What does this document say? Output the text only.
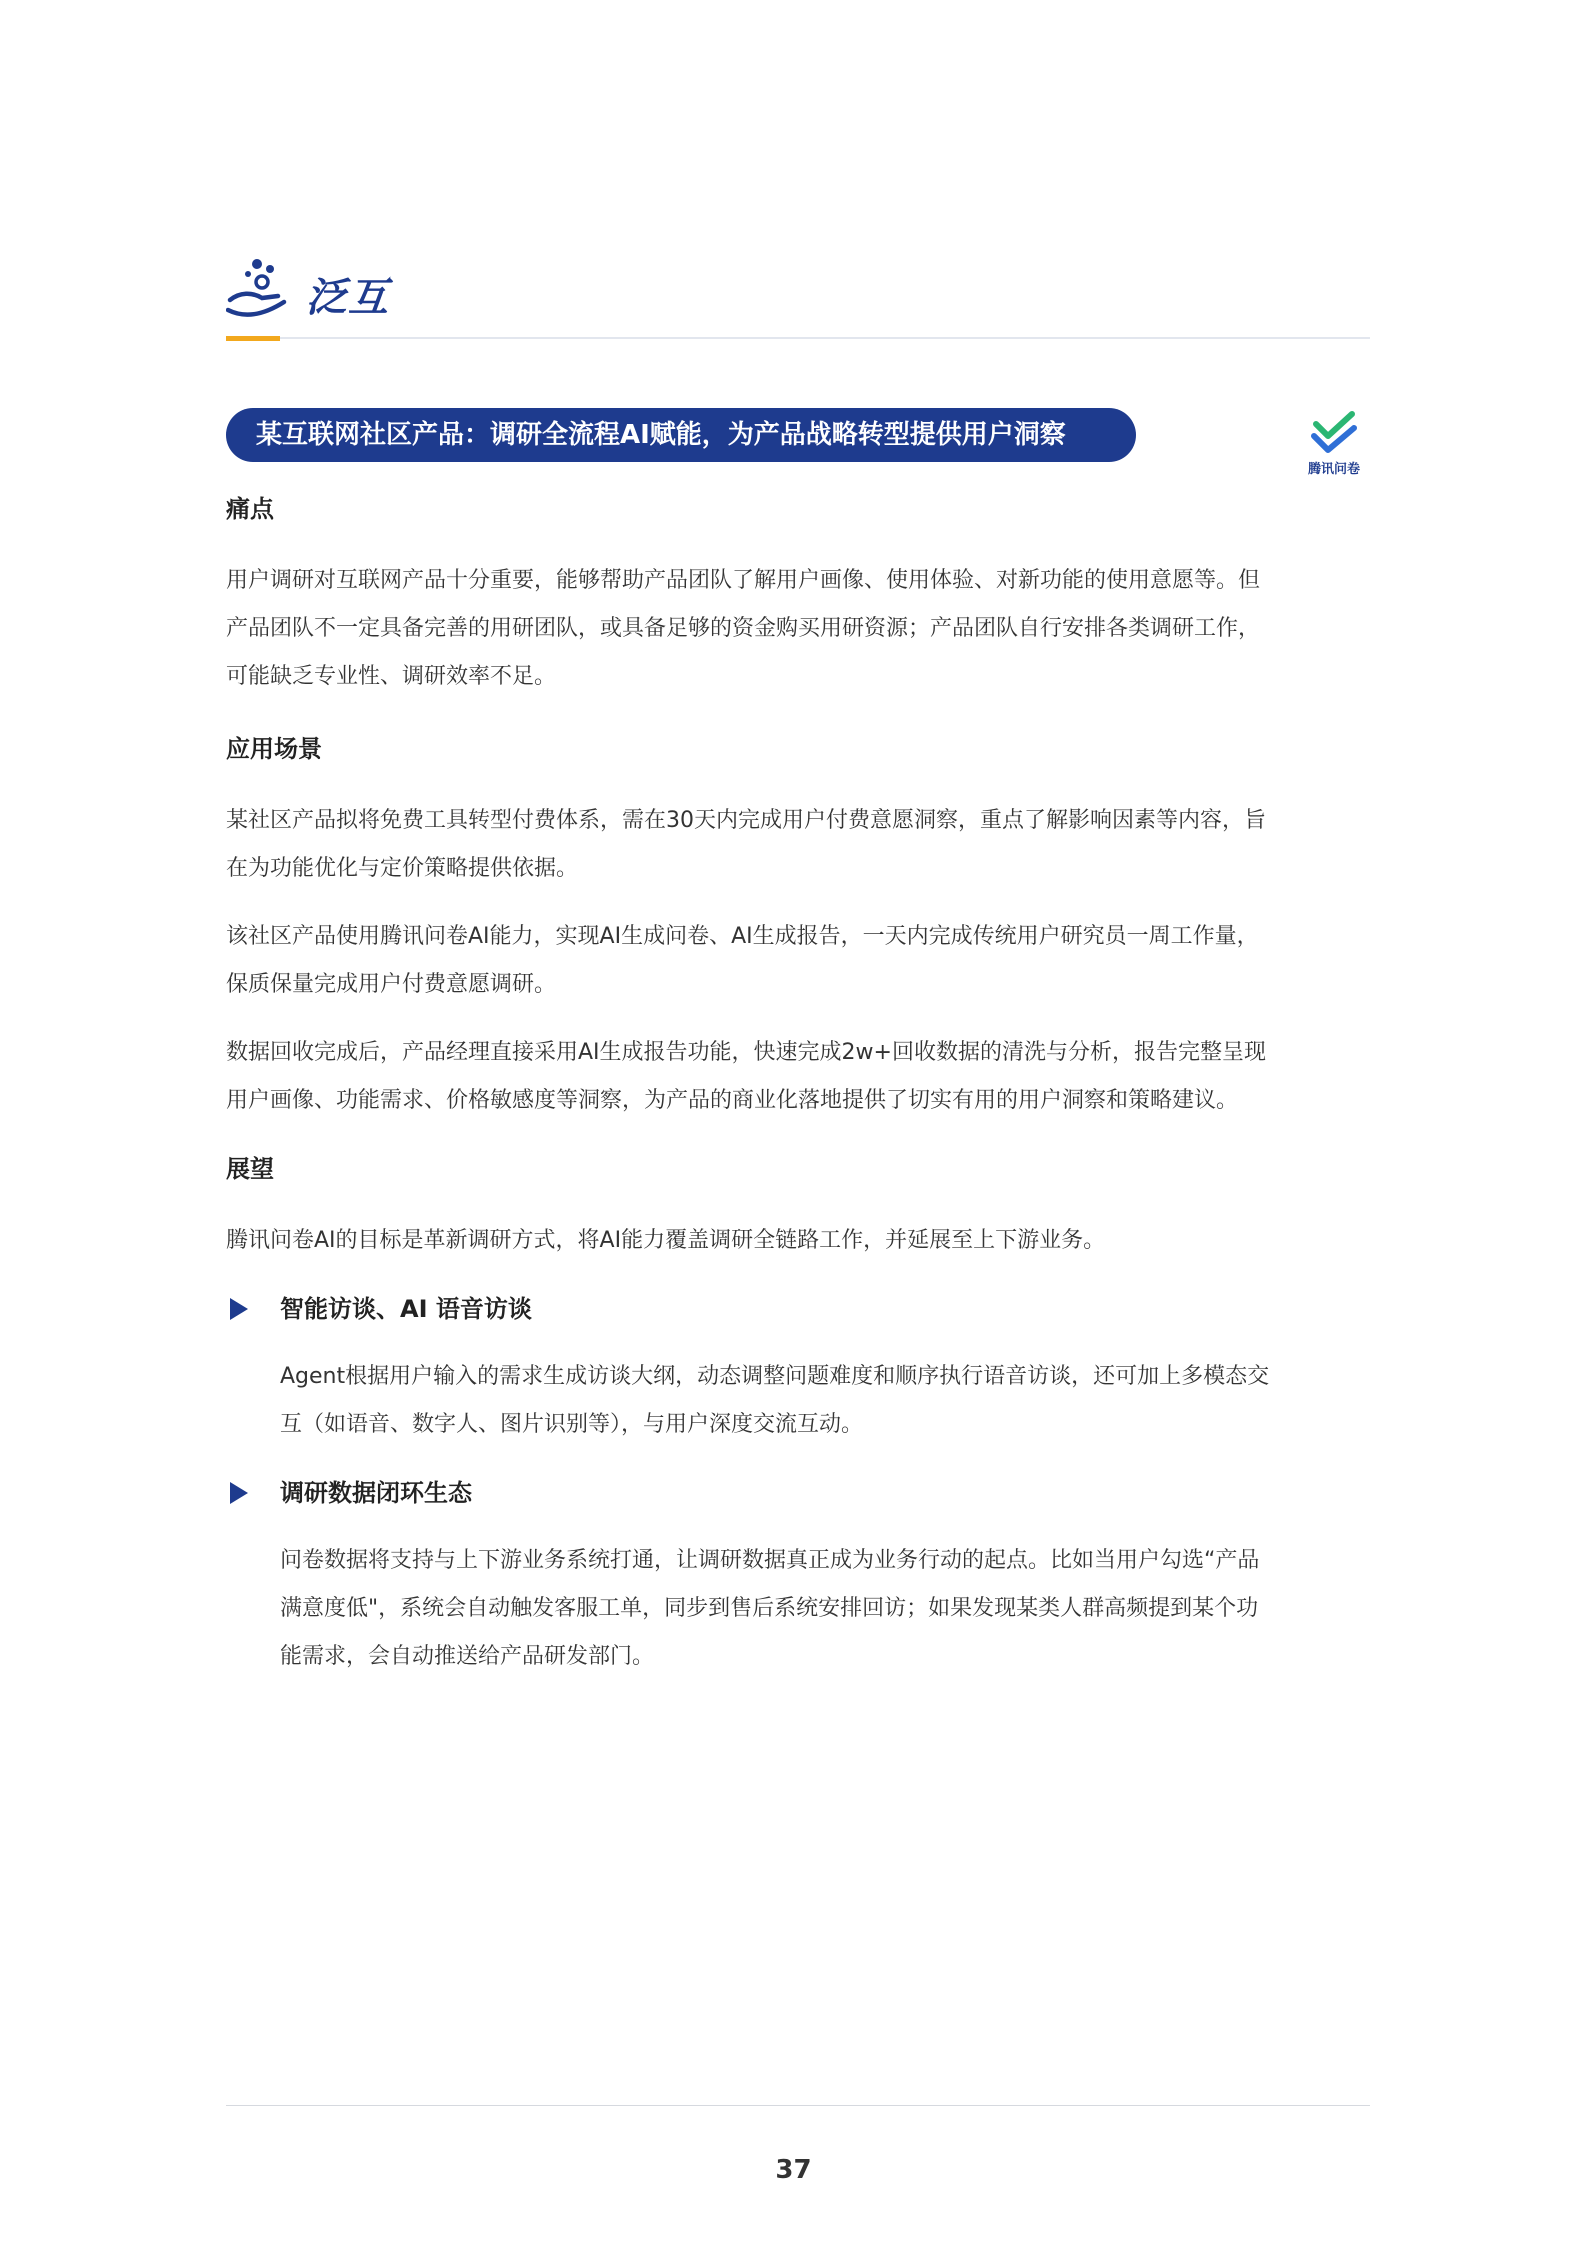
泛互
某互联网社区产品：调研全流程AI赋能，为产品战略转型提供用户洞察
腾讯问卷

痛点

用户调研对互联网产品十分重要，能够帮助产品团队了解用户画像、使用体验、对新功能的使用意愿等。但

产品团队不一定具备完善的用研团队，或具备足够的资金购买用研资源；产品团队自行安排各类调研工作，

可能缺乏专业性、调研效率不足。

应用场景

某社区产品拟将免费工具转型付费体系，需在30天内完成用户付费意愿洞察，重点了解影响因素等内容，旨

在为功能优化与定价策略提供依据。

该社区产品使用腾讯问卷AI能力，实现AI生成问卷、AI生成报告，一天内完成传统用户研究员一周工作量，

保质保量完成用户付费意愿调研。

数据回收完成后，产品经理直接采用AI生成报告功能，快速完成2w+回收数据的清洗与分析，报告完整呈现

用户画像、功能需求、价格敏感度等洞察，为产品的商业化落地提供了切实有用的用户洞察和策略建议。

展望

腾讯问卷AI的目标是革新调研方式，将AI能力覆盖调研全链路工作，并延展至上下游业务。

智能访谈、AI 语音访谈

Agent根据用户输入的需求生成访谈大纲，动态调整问题难度和顺序执行语音访谈，还可加上多模态交

互（如语音、数字人、图片识别等），与用户深度交流互动。

调研数据闭环生态

问卷数据将支持与上下游业务系统打通，让调研数据真正成为业务行动的起点。比如当用户勾选“产品

满意度低"，系统会自动触发客服工单，同步到售后系统安排回访；如果发现某类人群高频提到某个功

能需求，会自动推送给产品研发部门。

37
